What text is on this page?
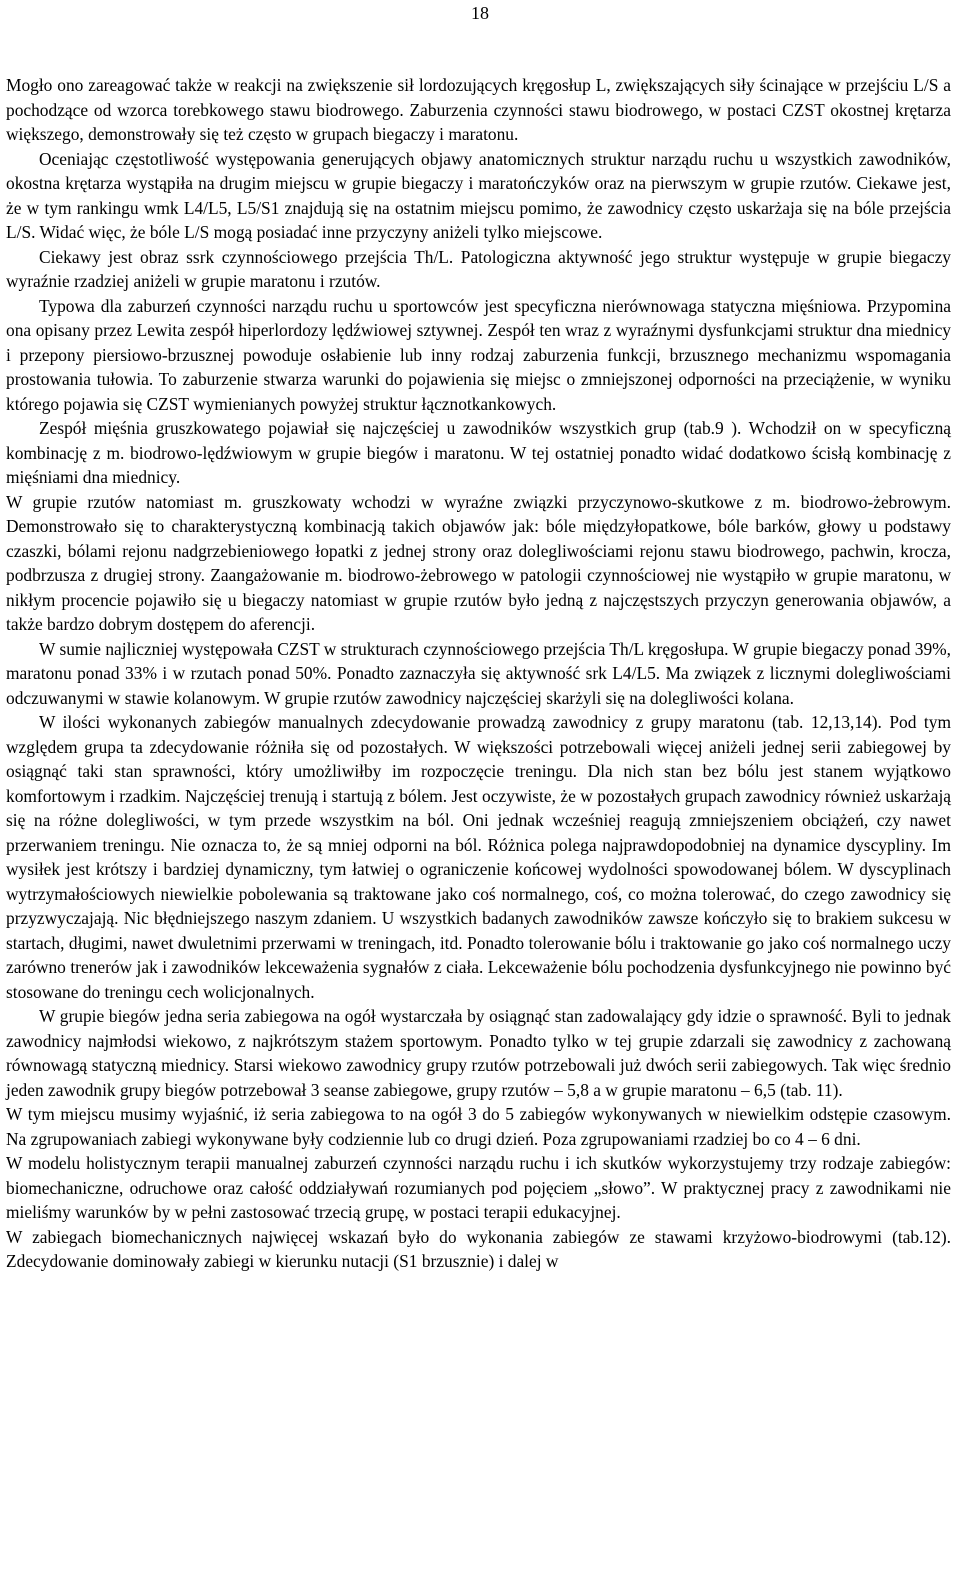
18

Mogło ono zareagować także w reakcji na zwiększenie sił lordozujących kręgosłup L, zwiększających siły ścinające w przejściu L/S a pochodzące od wzorca torebkowego stawu biodrowego. Zaburzenia czynności stawu biodrowego, w postaci CZST okostnej krętarza większego, demonstrowały się też często w grupach biegaczy i maratonu.

Oceniając częstotliwość występowania generujących objawy anatomicznych struktur narządu ruchu u wszystkich zawodników, okostna krętarza wystąpiła na drugim miejscu w grupie biegaczy i maratończyków oraz na pierwszym w grupie rzutów. Ciekawe jest, że w tym rankingu wmk L4/L5, L5/S1 znajdują się na ostatnim miejscu pomimo, że zawodnicy często uskarżaja się na bóle przejścia L/S. Widać więc, że bóle L/S mogą posiadać inne przyczyny aniżeli tylko miejscowe.

Ciekawy jest obraz ssrk czynnościowego przejścia Th/L. Patologiczna aktywność jego struktur występuje w grupie biegaczy wyraźnie rzadziej aniżeli w grupie maratonu i rzutów.

Typowa dla zaburzeń czynności narządu ruchu u sportowców jest specyficzna nierównowaga statyczna mięśniowa. Przypomina ona opisany przez Lewita zespół hiperlordozy lędźwiowej sztywnej. Zespół ten wraz z wyraźnymi dysfunkcjami struktur dna miednicy i przepony piersiowo-brzusznej powoduje osłabienie lub inny rodzaj zaburzenia funkcji, brzusznego mechanizmu wspomagania prostowania tułowia. To zaburzenie stwarza warunki do pojawienia się miejsc o zmniejszonej odporności na przeciążenie, w wyniku którego pojawia się CZST wymienianych powyżej struktur łącznotkankowych.

Zespół mięśnia gruszkowatego pojawiał się najczęściej u zawodników wszystkich grup (tab.9 ). Wchodził on w specyficzną kombinację z m. biodrowo-lędźwiowym w grupie biegów i maratonu. W tej ostatniej ponadto widać dodatkowo ścisłą kombinację z mięśniami dna miednicy.

W grupie rzutów natomiast m. gruszkowaty wchodzi w wyraźne związki przyczynowo-skutkowe z m. biodrowo-żebrowym. Demonstrowało się to charakterystyczną kombinacją takich objawów jak: bóle międzyłopatkowe, bóle barków, głowy u podstawy czaszki, bólami rejonu nadgrzebieniowego łopatki z jednej strony oraz dolegliwościami rejonu stawu biodrowego, pachwin, krocza, podbrzusza z drugiej strony. Zaangażowanie m. biodrowo-żebrowego w patologii czynnościowej nie wystąpiło w grupie maratonu, w nikłym procencie pojawiło się u biegaczy natomiast w grupie rzutów było jedną z najczęstszych przyczyn generowania objawów, a także bardzo dobrym dostępem do aferencji.

W sumie najliczniej występowała CZST w strukturach czynnościowego przejścia Th/L kręgosłupa. W grupie biegaczy ponad 39%, maratonu ponad 33% i w rzutach ponad 50%. Ponadto zaznaczyła się aktywność srk L4/L5. Ma związek z licznymi dolegliwościami odczuwanymi w stawie kolanowym. W grupie rzutów zawodnicy najczęściej skarżyli się na dolegliwości kolana.

W ilości wykonanych zabiegów manualnych zdecydowanie prowadzą zawodnicy z grupy maratonu (tab. 12,13,14). Pod tym względem grupa ta zdecydowanie różniła się od pozostałych. W większości potrzebowali więcej aniżeli jednej serii zabiegowej by osiągnąć taki stan sprawności, który umożliwiłby im rozpoczęcie treningu. Dla nich stan bez bólu jest stanem wyjątkowo komfortowym i rzadkim. Najczęściej trenują i startują z bólem. Jest oczywiste, że w pozostałych grupach zawodnicy również uskarżają się na różne dolegliwości, w tym przede wszystkim na ból. Oni jednak wcześniej reagują zmniejszeniem obciążeń, czy nawet przerwaniem treningu. Nie oznacza to, że są mniej odporni na ból. Różnica polega najprawdopodobniej na dynamice dyscypliny. Im wysiłek jest krótszy i bardziej dynamiczny, tym łatwiej o ograniczenie końcowej wydolności spowodowanej bólem. W dyscyplinach wytrzymałościowych niewielkie pobolewania są traktowane jako coś normalnego, coś, co można tolerować, do czego zawodnicy się przyzwyczajają. Nic błędniejszego naszym zdaniem. U wszystkich badanych zawodników zawsze kończyło się to brakiem sukcesu w startach, długimi, nawet dwuletnimi przerwami w treningach, itd. Ponadto tolerowanie bólu i traktowanie go jako coś normalnego uczy zarówno trenerów jak i zawodników lekceważenia sygnałów z ciała. Lekceważenie bólu pochodzenia dysfunkcyjnego nie powinno być stosowane do treningu cech wolicjonalnych.

W grupie biegów jedna seria zabiegowa na ogół wystarczała by osiągnąć stan zadowalający gdy idzie o sprawność. Byli to jednak zawodnicy najmłodsi wiekowo, z najkrótszym stażem sportowym. Ponadto tylko w tej grupie zdarzali się zawodnicy z zachowaną równowagą statyczną miednicy. Starsi wiekowo zawodnicy grupy rzutów potrzebowali już dwóch serii zabiegowych. Tak więc średnio jeden zawodnik grupy biegów potrzebował 3 seanse zabiegowe, grupy rzutów – 5,8 a w grupie maratonu – 6,5 (tab. 11).

W tym miejscu musimy wyjaśnić, iż seria zabiegowa to na ogół 3 do 5 zabiegów wykonywanych w niewielkim odstępie czasowym. Na zgrupowaniach zabiegi wykonywane były codziennie lub co drugi dzień. Poza zgrupowaniami rzadziej bo co 4 – 6 dni.

W modelu holistycznym terapii manualnej zaburzeń czynności narządu ruchu i ich skutków wykorzystujemy trzy rodzaje zabiegów: biomechaniczne, odruchowe oraz całość oddziaływań rozumianych pod pojęciem „słowo”. W praktycznej pracy z zawodnikami nie mieliśmy warunków by w pełni zastosować trzecią grupę, w postaci terapii edukacyjnej.

W zabiegach biomechanicznych najwięcej wskazań było do wykonania zabiegów ze stawami krzyżowo-biodrowymi (tab.12). Zdecydowanie dominowały zabiegi w kierunku nutacji (S1 brzusznie) i dalej w
